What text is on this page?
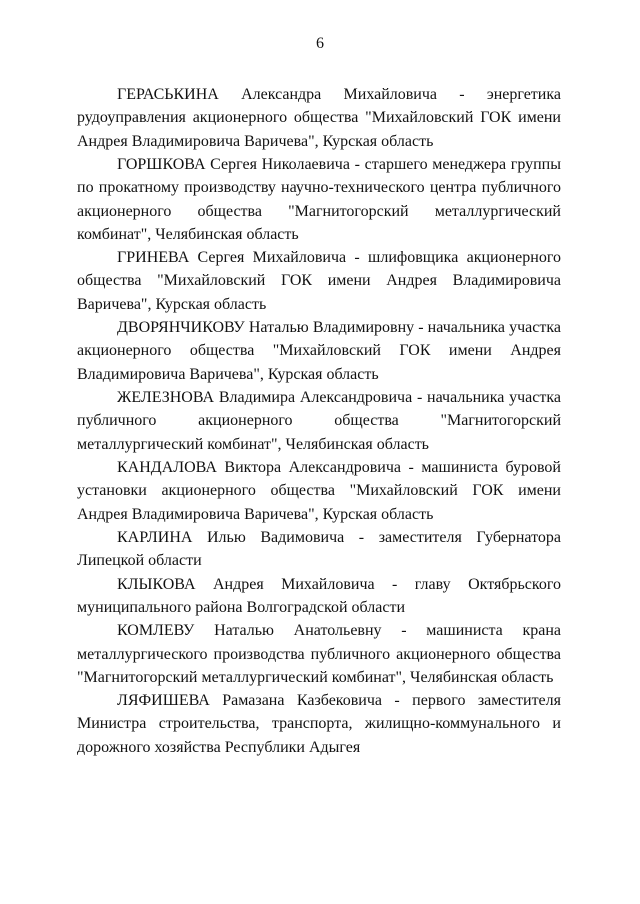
6

ГЕРАСЬКИНА Александра Михайловича - энергетика рудоуправления акционерного общества "Михайловский ГОК имени Андрея Владимировича Варичева", Курская область

ГОРШКОВА Сергея Николаевича - старшего менеджера группы по прокатному производству научно-технического центра публичного акционерного общества "Магнитогорский металлургический комбинат", Челябинская область

ГРИНЕВА Сергея Михайловича - шлифовщика акционерного общества "Михайловский ГОК имени Андрея Владимировича Варичева", Курская область

ДВОРЯНЧИКОВУ Наталью Владимировну - начальника участка акционерного общества "Михайловский ГОК имени Андрея Владимировича Варичева", Курская область

ЖЕЛЕЗНОВА Владимира Александровича - начальника участка публичного акционерного общества "Магнитогорский металлургический комбинат", Челябинская область

КАНДАЛОВА Виктора Александровича - машиниста буровой установки акционерного общества "Михайловский ГОК имени Андрея Владимировича Варичева", Курская область

КАРЛИНА Илью Вадимовича - заместителя Губернатора Липецкой области

КЛЫКОВА Андрея Михайловича - главу Октябрьского муниципального района Волгоградской области

КОМЛЕВУ Наталью Анатольевну - машиниста крана металлургического производства публичного акционерного общества "Магнитогорский металлургический комбинат", Челябинская область

ЛЯФИШЕВА Рамазана Казбековича - первого заместителя Министра строительства, транспорта, жилищно-коммунального и дорожного хозяйства Республики Адыгея
